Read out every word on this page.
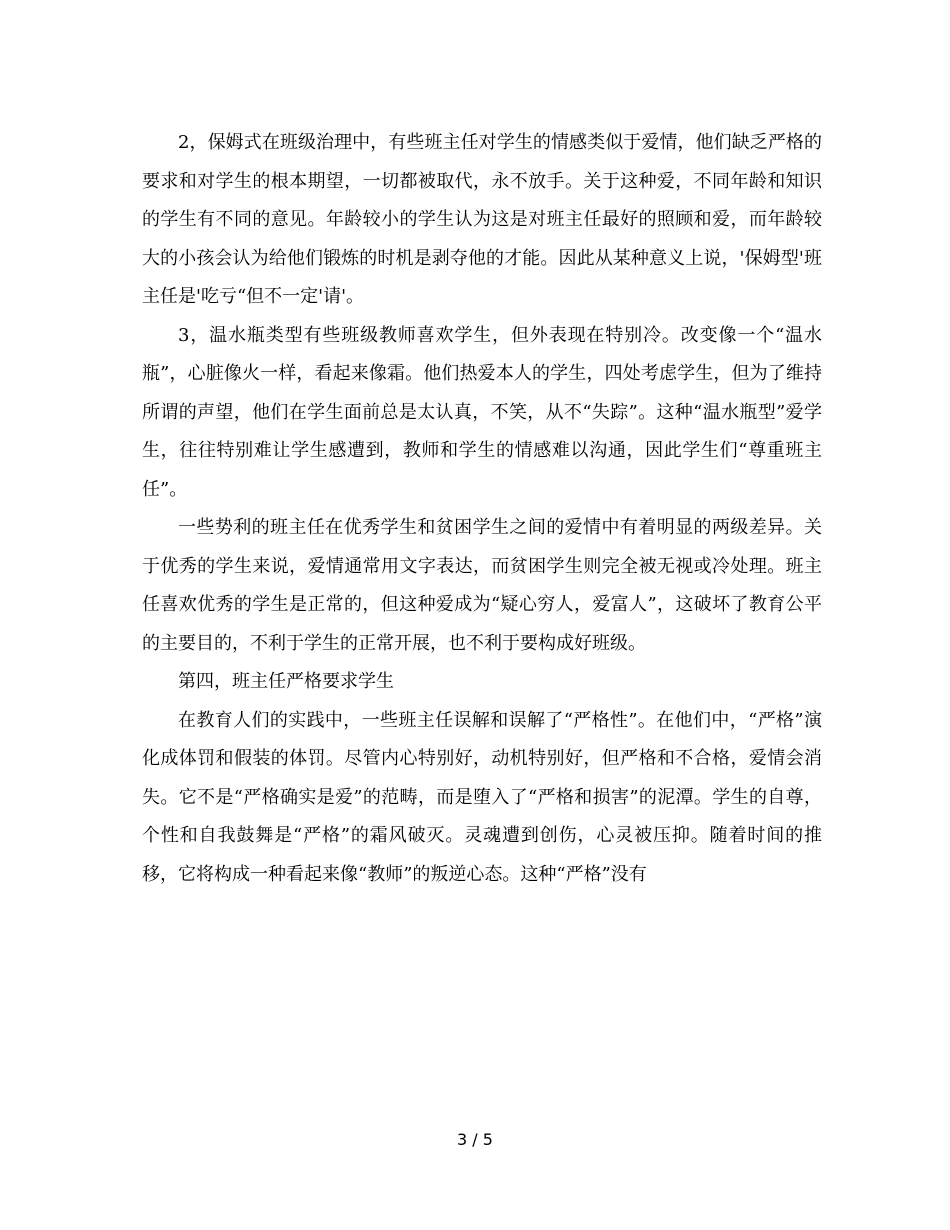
2，保姆式在班级治理中，有些班主任对学生的情感类似于爱情，他们缺乏严格的要求和对学生的根本期望，一切都被取代，永不放手。关于这种爱，不同年龄和知识的学生有不同的意见。年龄较小的学生认为这是对班主任最好的照顾和爱，而年龄较大的小孩会认为给他们锻炼的时机是剥夺他的才能。因此从某种意义上说，'保姆型'班主任是'吃亏“但不一定'请'。

3，温水瓶类型有些班级教师喜欢学生，但外表现在特别冷。改变像一个“温水瓶”，心脏像火一样，看起来像霜。他们热爱本人的学生，四处考虑学生，但为了维持所谓的声望，他们在学生面前总是太认真，不笑，从不“失踪”。这种“温水瓶型”爱学生，往往特别难让学生感遭到，教师和学生的情感难以沟通，因此学生们“尊重班主任”。

一些势利的班主任在优秀学生和贫困学生之间的爱情中有着明显的两级差异。关于优秀的学生来说，爱情通常用文字表达，而贫困学生则完全被无视或冷处理。班主任喜欢优秀的学生是正常的，但这种爱成为“疑心穷人，爱富人”，这破坏了教育公平的主要目的，不利于学生的正常开展，也不利于要构成好班级。

第四，班主任严格要求学生

在教育人们的实践中，一些班主任误解和误解了“严格性”。在他们中，“严格”演化成体罚和假装的体罚。尽管内心特别好，动机特别好，但严格和不合格，爱情会消失。它不是“严格确实是爱”的范畴，而是堕入了“严格和损害”的泥潭。学生的自尊，个性和自我鼓舞是“严格”的霜风破灭。灵魂遭到创伤，心灵被压抑。随着时间的推移，它将构成一种看起来像“教师”的叛逆心态。这种“严格”没有

3 / 5
